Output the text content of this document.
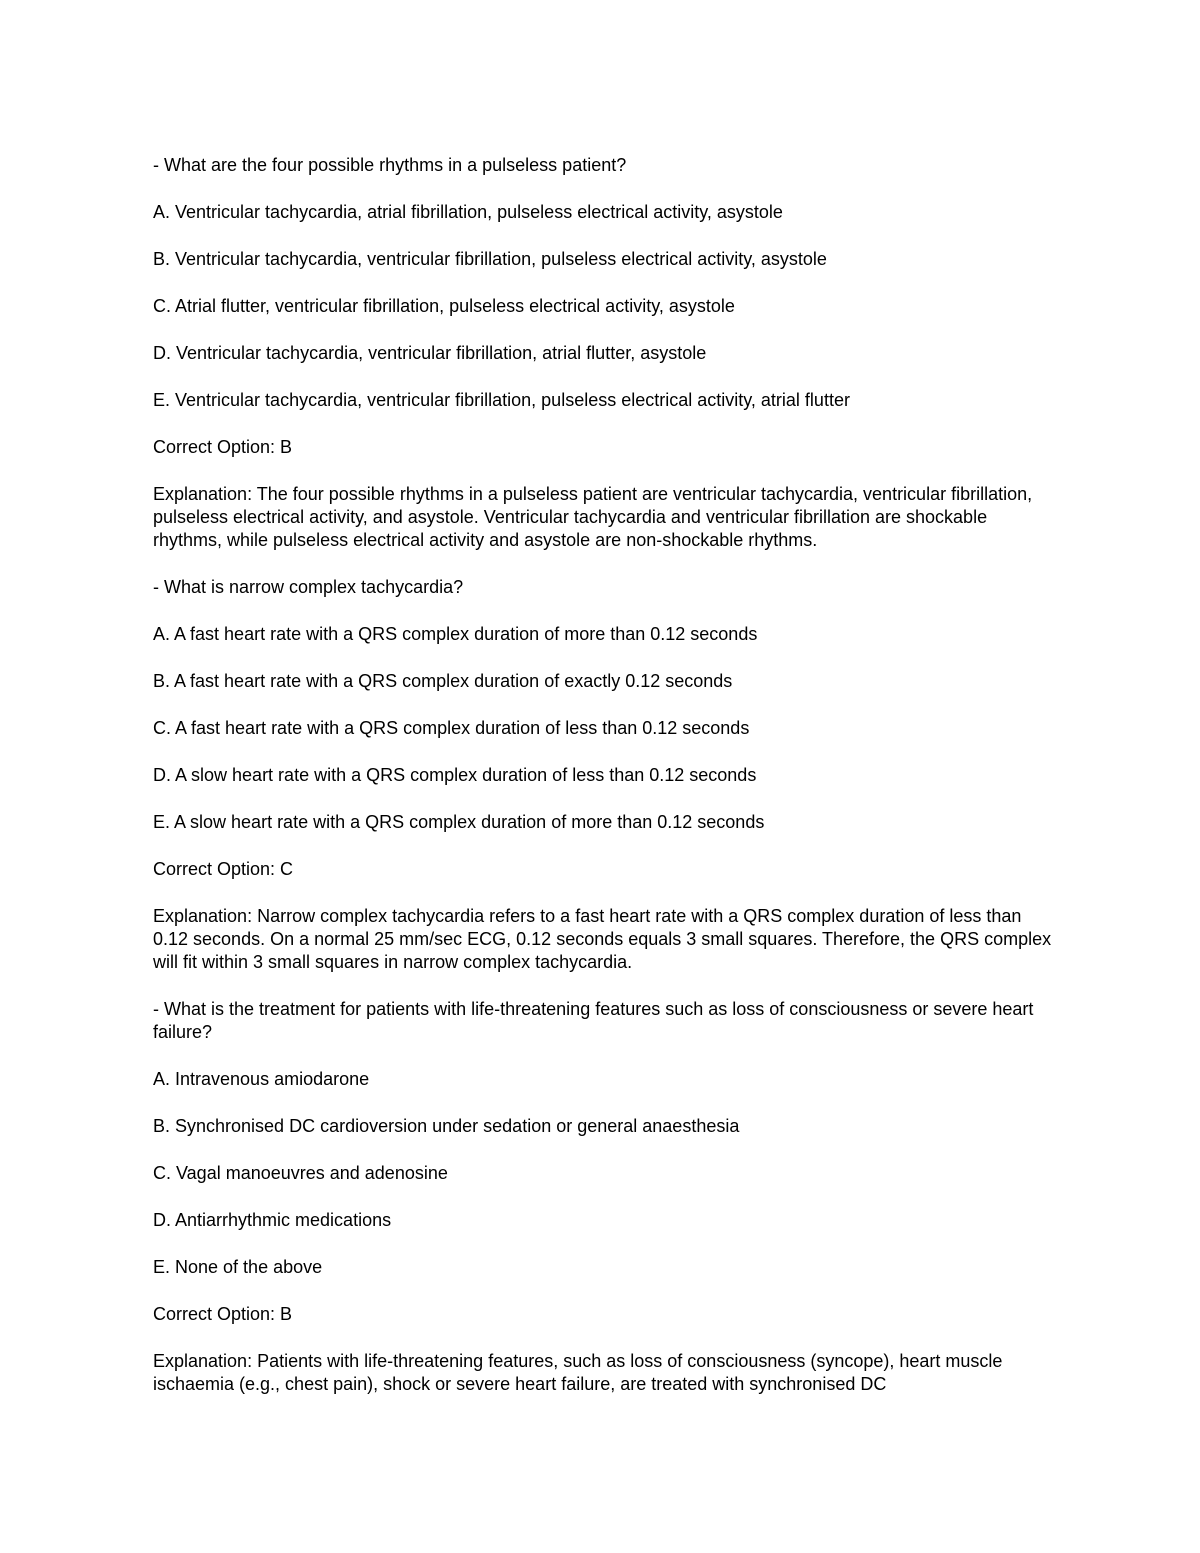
- What are the four possible rhythms in a pulseless patient?

A. Ventricular tachycardia, atrial fibrillation, pulseless electrical activity, asystole

B. Ventricular tachycardia, ventricular fibrillation, pulseless electrical activity, asystole

C. Atrial flutter, ventricular fibrillation, pulseless electrical activity, asystole

D. Ventricular tachycardia, ventricular fibrillation, atrial flutter, asystole

E. Ventricular tachycardia, ventricular fibrillation, pulseless electrical activity, atrial flutter

Correct Option: B

Explanation: The four possible rhythms in a pulseless patient are ventricular tachycardia, ventricular fibrillation, pulseless electrical activity, and asystole. Ventricular tachycardia and ventricular fibrillation are shockable rhythms, while pulseless electrical activity and asystole are non-shockable rhythms.

- What is narrow complex tachycardia?

A. A fast heart rate with a QRS complex duration of more than 0.12 seconds

B. A fast heart rate with a QRS complex duration of exactly 0.12 seconds

C. A fast heart rate with a QRS complex duration of less than 0.12 seconds

D. A slow heart rate with a QRS complex duration of less than 0.12 seconds

E. A slow heart rate with a QRS complex duration of more than 0.12 seconds

Correct Option: C

Explanation: Narrow complex tachycardia refers to a fast heart rate with a QRS complex duration of less than 0.12 seconds. On a normal 25 mm/sec ECG, 0.12 seconds equals 3 small squares. Therefore, the QRS complex will fit within 3 small squares in narrow complex tachycardia.

- What is the treatment for patients with life-threatening features such as loss of consciousness or severe heart failure?

A. Intravenous amiodarone

B. Synchronised DC cardioversion under sedation or general anaesthesia

C. Vagal manoeuvres and adenosine

D. Antiarrhythmic medications

E. None of the above

Correct Option: B

Explanation: Patients with life-threatening features, such as loss of consciousness (syncope), heart muscle ischaemia (e.g., chest pain), shock or severe heart failure, are treated with synchronised DC
